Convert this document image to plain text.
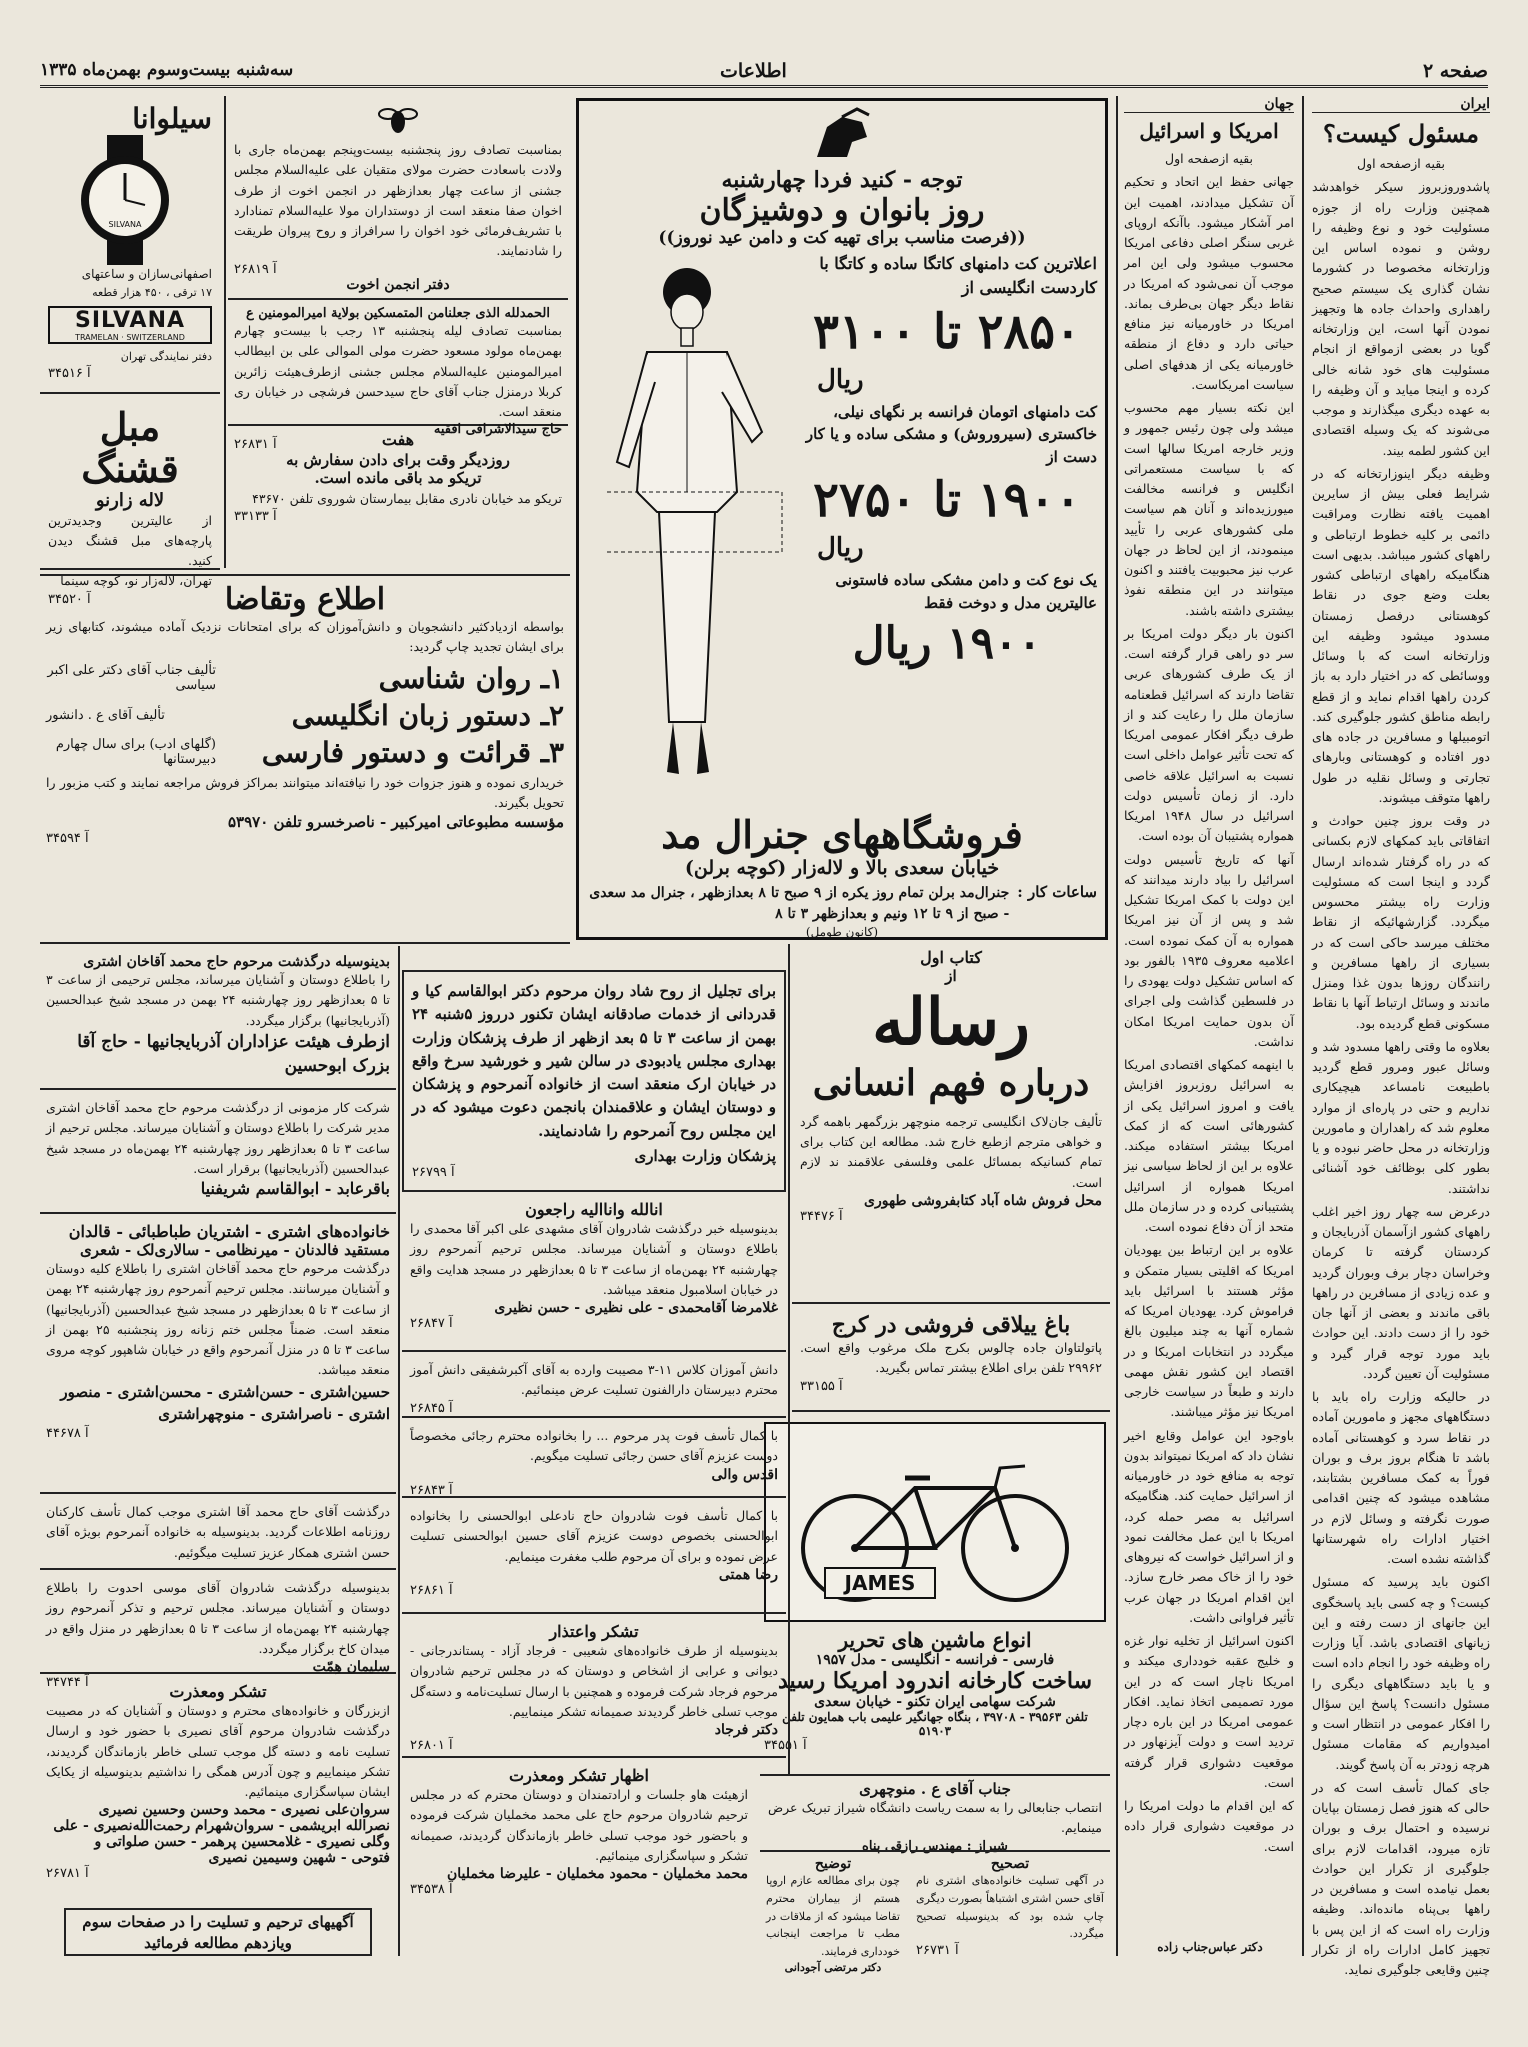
صفحه ۲
اطلاعات
سه‌شنبه بیست‌وسوم بهمن‌ماه ۱۳۳۵
ایران
مسئول کیست؟

بقیه ازصفحه اول

پاشدوروزبروز سیکر خواهدشد همچنین وزارت راه از جوزه مسئولیت خود و نوع وظیفه را روشن و نموده اساس این وزارتخانه مخصوصا در کشورما نشان گذاری یک سیستم صحیح راهداری واحداث جاده ها وتجهیز نمودن آنها است، این وزارتخانه گویا در بعضی ازمواقع از انجام مسئولیت های خود شانه خالی کرده و اینجا میاید و آن وظیفه را به عهده دیگری میگذارند و موجب می‌شوند که یک وسیله اقتصادی این کشور لطمه بیند.

وظیفه دیگر اینوزارتخانه که در شرایط فعلی بیش از سایرین اهمیت یافته نظارت ومراقبت دائمی بر کلیه خطوط ارتباطی و راههای کشور میباشد. بدیهی است هنگامیکه راههای ارتباطی کشور بعلت وضع جوی در نقاط کوهستانی درفصل زمستان مسدود میشود وظیفه این وزارتخانه است که با وسائل ووسائطی که در اختیار دارد به باز کردن راهها اقدام نماید و از قطع رابطه مناطق کشور جلوگیری کند. اتومبیلها و مسافرین در جاده های دور افتاده و کوهستانی وبارهای تجارتی و وسائل نقلیه در طول راهها متوقف میشوند.

در وقت بروز چنین حوادث و اتفاقاتی باید کمکهای لازم بکسانی که در راه گرفتار شده‌اند ارسال گردد و اینجا است که مسئولیت وزارت راه بیشتر محسوس میگردد. گزارشهائیکه از نقاط مختلف میرسد حاکی است که در بسیاری از راهها مسافرین و رانندگان روزها بدون غذا ومنزل ماندند و وسائل ارتباط آنها با نقاط مسکونی قطع گردیده بود.

بعلاوه ما وقتی راهها مسدود شد و وسائل عبور ومرور قطع گردید باطبیعت نامساعد هیچیکاری نداریم و حتی در پاره‌ای از موارد معلوم شد که راهداران و مامورین وزارتخانه در محل حاضر نبوده و یا بطور کلی بوظائف خود آشنائی نداشتند.

درعرض سه چهار روز اخیر اغلب راههای کشور ازآسمان آذربایجان و کردستان گرفته تا کرمان وخراسان دچار برف وبوران گردید و عده زیادی از مسافرین در راهها باقی ماندند و بعضی از آنها جان خود را از دست دادند. این حوادث باید مورد توجه قرار گیرد و مسئولیت آن تعیین گردد.

در حالیکه وزارت راه باید با دستگاههای مجهز و مامورین آماده در نقاط سرد و کوهستانی آماده باشد تا هنگام بروز برف و بوران فوراً به کمک مسافرین بشتابند، مشاهده میشود که چنین اقدامی صورت نگرفته و وسائل لازم در اختیار ادارات راه شهرستانها گذاشته نشده است.

اکنون باید پرسید که مسئول کیست؟ و چه کسی باید پاسخگوی این جانهای از دست رفته و این زیانهای اقتصادی باشد. آیا وزارت راه وظیفه خود را انجام داده است و یا باید دستگاههای دیگری را مسئول دانست؟ پاسخ این سؤال را افکار عمومی در انتظار است و امیدواریم که مقامات مسئول هرچه زودتر به آن پاسخ گویند.

جای کمال تأسف است که در حالی که هنوز فصل زمستان بپایان نرسیده و احتمال برف و بوران تازه میرود، اقدامات لازم برای جلوگیری از تکرار این حوادث بعمل نیامده است و مسافرین در راهها بی‌پناه مانده‌اند. وظیفه وزارت راه است که از این پس با تجهیز کامل ادارات راه از تکرار چنین وقایعی جلوگیری نماید.

جهان
امریکا و اسرائیل

بقیه ازصفحه اول

جهانی حفظ این اتحاد و تحکیم آن تشکیل میدادند، اهمیت این امر آشکار میشود. باآنکه اروپای غربی سنگر اصلی دفاعی امریکا محسوب میشود ولی این امر موجب آن نمی‌شود که امریکا در نقاط دیگر جهان بی‌طرف بماند. امریکا در خاورمیانه نیز منافع حیاتی دارد و دفاع از منطقه خاورمیانه یکی از هدفهای اصلی سیاست امریکاست.

این نکته بسیار مهم محسوب میشد ولی چون رئیس جمهور و وزیر خارجه امریکا سالها است که با سیاست مستعمراتی انگلیس و فرانسه مخالفت میورزیده‌اند و آنان هم سیاست ملی کشورهای عربی را تأیید مینمودند، از این لحاظ در جهان عرب نیز محبوبیت یافتند و اکنون میتوانند در این منطقه نفوذ بیشتری داشته باشند.

اکنون بار دیگر دولت امریکا بر سر دو راهی قرار گرفته است. از یک طرف کشورهای عربی تقاضا دارند که اسرائیل قطعنامه سازمان ملل را رعایت کند و از طرف دیگر افکار عمومی امریکا که تحت تأثیر عوامل داخلی است نسبت به اسرائیل علاقه خاصی دارد. از زمان تأسیس دولت اسرائیل در سال ۱۹۴۸ امریکا همواره پشتیبان آن بوده است.

آنها که تاریخ تأسیس دولت اسرائیل را بیاد دارند میدانند که این دولت با کمک امریکا تشکیل شد و پس از آن نیز امریکا همواره به آن کمک نموده است. اعلامیه معروف ۱۹۳۵ بالفور بود که اساس تشکیل دولت یهودی را در فلسطین گذاشت ولی اجرای آن بدون حمایت امریکا امکان نداشت.

با اینهمه کمکهای اقتصادی امریکا به اسرائیل روزبروز افزایش یافت و امروز اسرائیل یکی از کشورهائی است که از کمک امریکا بیشتر استفاده میکند. علاوه بر این از لحاظ سیاسی نیز امریکا همواره از اسرائیل پشتیبانی کرده و در سازمان ملل متحد از آن دفاع نموده است.

علاوه بر این ارتباط بین یهودیان امریکا که اقلیتی بسیار متمکن و مؤثر هستند با اسرائیل باید فراموش کرد. یهودیان امریکا که شماره آنها به چند میلیون بالغ میگردد در انتخابات امریکا و در اقتصاد این کشور نقش مهمی دارند و طبعاً در سیاست خارجی امریکا نیز مؤثر میباشند.

باوجود این عوامل وقایع اخیر نشان داد که امریکا نمیتواند بدون توجه به منافع خود در خاورمیانه از اسرائیل حمایت کند. هنگامیکه اسرائیل به مصر حمله کرد، امریکا با این عمل مخالفت نمود و از اسرائیل خواست که نیروهای خود را از خاک مصر خارج سازد. این اقدام امریکا در جهان عرب تأثیر فراوانی داشت.

اکنون اسرائیل از تخلیه نوار غزه و خلیج عقبه خودداری میکند و امریکا ناچار است که در این مورد تصمیمی اتخاذ نماید. افکار عمومی امریکا در این باره دچار تردید است و دولت آیزنهاور در موقعیت دشواری قرار گرفته است.

که این اقدام ما دولت امریکا را در موقعیت دشواری قرار داده است.

دکتر عباس‌جناب زاده
سیلوانا
SILVANA
اصفهانی‌سازان و ساعتهای
۱۷ ترقی ، ۴۵۰ هزار قطعه
SILVANA
TRAMELAN · SWITZERLAND
دفتر نمایندگی تهران
آ ۳۴۵۱۶
مبل قشنگ
لاله زارنو
از عالیترین وجدیدترین پارچه‌های مبل قشنگ دیدن کنید.
تهران، لاله‌زار نو، کوچه سینما
آ ۳۴۵۲۰
بمناسبت تصادف روز پنجشنبه بیست‌وپنجم بهمن‌ماه جاری با ولادت باسعادت حضرت مولای متقیان علی علیه‌السلام مجلس جشنی از ساعت چهار بعدازظهر در انجمن اخوت از طرف اخوان صفا منعقد است از دوستداران مولا علیه‌السلام تمنادارد با تشریف‌فرمائی خود اخوان را سرافراز و روح پیروان طریقت را شادنمایند.
آ ۲۶۸۱۹
دفتر انجمن اخوت
الحمدلله الذی جعلنامن المتمسکین بولایة امیرالمومنین ع
بمناسبت تصادف لیله پنجشنبه ۱۳ رجب با بیست‌و چهارم بهمن‌ماه مولود مسعود حضرت مولی الموالی علی بن ابیطالب امیرالمومنین علیه‌السلام مجلس جشنی ازطرف‌هیئت‌ زائرین کربلا درمنزل جناب آقای حاج سیدحسن فرشچی در خیابان ری منعقد است.
حاج سیدالاشرافی افقیه
آ ۲۶۸۳۱	هفت
روزدیگر وقت برای دادن سفارش به تریکو مد باقی مانده است.
تریکو مد خیابان نادری مقابل بیمارستان شوروی تلفن ۴۳۶۷۰
آ ۳۳۱۳۳
اطلاع وتقاضا
بواسطه ازدیادکثیر دانشجویان و دانش‌آموزان که برای امتحانات نزدیک آماده میشوند، کتابهای زیر برای ایشان تجدید چاپ گردید:
۱ـ روان شناسی
تألیف جناب آقای دکتر علی اکبر سیاسی
۲ـ دستور زبان انگلیسی
تألیف آقای ع . دانشور
۳ـ قرائت و دستور فارسی
(گلهای ادب) برای سال چهارم دبیرستانها
خریداری نموده و هنوز جزوات خود را نیافته‌اند میتوانند بمراکز فروش مراجعه نمایند و کتب مزبور را تحویل بگیرند.
مؤسسه مطبوعاتی امیرکبیر - ناصرخسرو تلفن ۵۳۹۷۰
آ ۳۴۵۹۴
توجه - کنید فردا چهارشنبه
روز بانوان و دوشیزگان
((فرصت مناسب برای تهیه کت و دامن عید نوروز))
اعلاترین کت دامنهای کاتگا ساده و کاتگا با کاردست انگلیسی از
۲۸۵۰ تا ۳۱۰۰
ریال
کت دامنهای اتومان فرانسه بر نگهای نیلی، خاکستری (سیروروش) و مشکی ساده و یا کار دست از
۱۹۰۰ تا ۲۷۵۰
ریال
یک نوع کت و دامن مشکی ساده فاستونی عالیترین مدل و دوخت فقط
۱۹۰۰ ریال
فروشگاههای جنرال مد
خیابان سعدی بالا و لاله‌زار (کوچه برلن)
ساعات کار :
جنرال‌مد برلن تمام روز یکره از ۹ صبح تا ۸ بعدازظهر ، جنرال مد سعدی - صبح از ۹ تا ۱۲ ونیم و بعدازظهر ۳ تا ۸
(کانون طومل)
کتاب اول
از
رساله
درباره فهم انسانی
تألیف جان‌لاک انگلیسی ترجمه منوچهر بزرگمهر باهمه گرد و خواهی مترجم ازطبع خارج شد. مطالعه این کتاب برای تمام کسانیکه بمسائل علمی وفلسفی علاقمند ند لازم است.
محل فروش شاه آباد کتابفروشی طهوری
آ ۳۴۴۷۶
باغ ییلاقی فروشی در کرج
پاتولتاوان جاده چالوس بکرج ملک مرغوب واقع است. ۲۹۹۶۲ تلفن برای اطلاع بیشتر تماس بگیرید.
آ ۳۳۱۵۵
JAMES
انواع ماشین های تحریر
فارسی - فرانسه - انگلیسی - مدل ۱۹۵۷
ساخت کارخانه اندرود امریکا رسید
شرکت سهامی ایران تکنو - خیابان سعدی
تلفن ۳۹۵۶۳ - ۳۹۷۰۸ ، بنگاه جهانگیر علیمی باب همایون تلفن ۵۱۹۰۳
آ ۳۴۵۵۱
جناب آقای ع . منوچهری
انتصاب جنابعالی را به سمت ریاست دانشگاه شیراز تبریک عرض مینمایم.
شیراز : مهندس رازقی پناه
تصحیح
در آگهی تسلیت خانواده‌های اشتری نام آقای حسن اشتری اشتباهاً بصورت دیگری چاپ شده بود که بدینوسیله تصحیح میگردد.
آ ۲۶۷۳۱
توضیح
چون برای مطالعه عازم اروپا هستم از بیماران محترم تقاضا میشود که از ملاقات در مطب تا مراجعت اینجانب خودداری فرمایند.
دکتر مرتضی آجودانی
برای تجلیل از روح شاد روان مرحوم دکتر ابوالقاسم کیا و قدردانی از خدمات صادقانه ایشان تکنور درروز ۵شنبه ۲۴ بهمن از ساعت ۳ تا ۵ بعد ازظهر از طرف پزشکان وزارت بهداری مجلس یادبودی در سالن شیر و خورشید سرخ واقع در خیابان ارک منعقد است از خانواده آنمرحوم و پزشکان و دوستان ایشان و علاقمندان بانجمن دعوت میشود که در این مجلس روح آنمرحوم را شادنمایند.
پزشکان وزارت بهداری
آ ۲۶۷۹۹
انالله وانااليه راجعون
بدینوسیله خبر درگذشت شادروان آقای مشهدی علی اکبر آقا محمدی را باطلاع دوستان و آشنایان میرساند. مجلس ترحیم آنمرحوم روز چهارشنبه ۲۴ بهمن‌ماه از ساعت ۳ تا ۵ بعدازظهر در مسجد هدایت واقع در خیابان اسلامبول منعقد میباشد.
غلامرضا آقامحمدی - علی نظیری - حسن نظیری
آ ۲۶۸۴۷
دانش آموزان کلاس ۱۱-۳ مصیبت وارده به آقای آکبرشفیقی دانش آموز محترم دبیرستان دارالفنون تسلیت عرض مینمائیم.
آ ۲۶۸۴۵
با کمال تأسف فوت پدر مرحوم ... را بخانواده محترم رجائی مخصوصاً دوست عزیزم آقای حسن رجائی تسلیت میگویم.
اقدس والی
آ ۲۶۸۴۳
با کمال تأسف فوت شادروان حاج نادعلی ابوالحسنی را بخانواده ابوالحسنی بخصوص دوست عزیزم آقای حسین ابوالحسنی تسلیت عرض نموده و برای آن مرحوم طلب مغفرت مینمایم.
رضا همتی
آ ۲۶۸۶۱
تشکر واعتذار
بدینوسیله از طرف خانواده‌های شعیبی - فرجاد آزاد - پستاندرجانی - دیوانی و عرابی از اشخاص و دوستان که در مجلس ترحیم شادروان مرحوم فرجاد شرکت فرموده و همچنین با ارسال تسلیت‌نامه و دسته‌گل موجب تسلی خاطر گردیدند صمیمانه تشکر مینماییم.
دکتر فرجاد
آ ۲۶۸۰۱
اظهار تشکر ومعذرت
ازهیئت هاو جلسات و ارادتمندان و دوستان محترم که در مجلس ترحیم شادروان مرحوم حاج علی محمد مخملیان شرکت فرموده و باحضور خود موجب تسلی خاطر بازماندگان گردیدند، صمیمانه تشکر و سپاسگزاری مینمائیم.
محمد مخملیان - محمود مخملیان - علیرضا مخملیان
آ ۳۴۵۳۸
بدینوسیله درگذشت مرحوم حاج محمد آقاخان اشتری
را باطلاع دوستان و آشنایان میرساند، مجلس ترحیمی از ساعت ۳ تا ۵ بعدازظهر روز چهارشنبه ۲۴ بهمن در مسجد شیخ عبدالحسین (آذربایجانیها) برگزار میگردد.
ازطرف هیئت عزاداران آذربایجانیها - حاج آقا بزرک ابوحسین
شرکت کار مزمونی از درگذشت مرحوم حاج محمد آقاخان اشتری مدیر شرکت را باطلاع دوستان و آشنایان میرساند. مجلس ترحیم از ساعت ۳ تا ۵ بعدازظهر روز چهارشنبه ۲۴ بهمن‌ماه در مسجد شیخ عبدالحسین (آذربایجانیها) برقرار است.
باقرعابد - ابوالقاسم شریفنیا
خانواده‌های اشتری - اشتریان طباطبائی - قالدان
مستقید فالدنان - میرنظامی - سالاری‌لک - شعری
درگذشت مرحوم حاج محمد آقاخان اشتری را باطلاع کلیه دوستان و آشنایان میرسانند. مجلس ترحیم آنمرحوم روز چهارشنبه ۲۴ بهمن از ساعت ۳ تا ۵ بعدازظهر در مسجد شیخ عبدالحسین (آذربایجانیها) منعقد است. ضمناً مجلس ختم زنانه روز پنجشنبه ۲۵ بهمن از ساعت ۳ تا ۵ در منزل آنمرحوم واقع در خیابان شاهپور کوچه مروی منعقد میباشد.
حسین‌اشتری - حسن‌اشتری - محسن‌اشتری - منصور اشتری - ناصر‌اشتری - منوچهر‌اشتری
آ ۴۴۶۷۸
درگذشت آقای حاج محمد آقا اشتری موجب کمال تأسف کارکنان روزنامه اطلاعات گردید. بدینوسیله به خانواده آنمرحوم بویژه آقای حسن اشتری همکار عزیز تسلیت میگوئیم.
بدینوسیله درگذشت شادروان آقای موسی احدوت را باطلاع دوستان و آشنایان میرساند. مجلس ترحیم و تذکر آنمرحوم روز چهارشنبه ۲۴ بهمن‌ماه از ساعت ۳ تا ۵ بعدازظهر در منزل واقع در میدان کاخ برگزار میگردد.
سلیمان هِمّت
آ ۳۴۷۴۴	تشکر ومعذرت
ازبزرگان و خانواده‌های محترم و دوستان و آشنایان که در مصیبت درگذشت شادروان مرحوم آقای نصیری با حضور خود و ارسال تسلیت نامه و دسته گل موجب تسلی خاطر بازماندگان گردیدند، تشکر مینماییم و چون آدرس همگی را نداشتیم بدینوسیله از یکایک ایشان سپاسگزاری مینمائیم.
سروان‌علی نصیری - محمد وحسن وحسین نصیری
نصرالله ابریشمی - سروان‌شهرام رحمت‌الله‌نصیری - علی وگلی نصیری - غلامحسین پرهمر - حسن صلواتی و
فتوحی - شهین وسیمین نصیری
آ ۲۶۷۸۱
آگهیهای ترحیم و تسلیت را در صفحات سوم
ویازدهم مطالعه فرمائید
